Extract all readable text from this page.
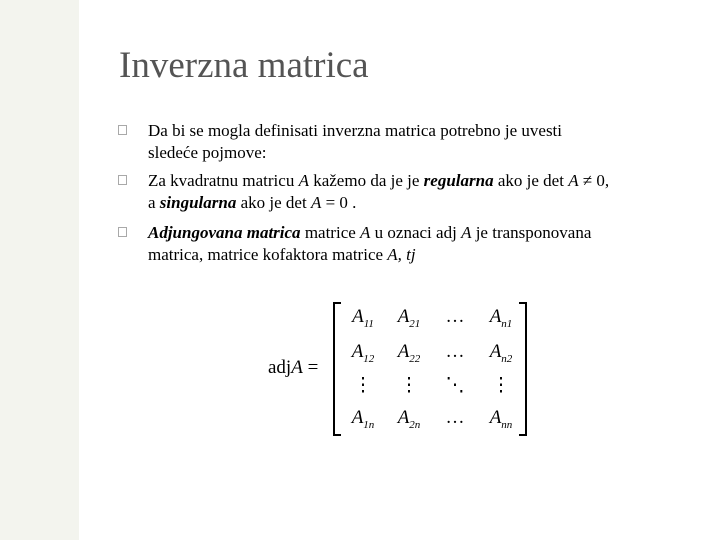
Inverzna matrica
Da bi se mogla definisati inverzna matrica potrebno je uvesti
sledeće pojmove:
Za kvadratnu matricu A kažemo da je je regularna ako je det A ≠ 0,
a singularna ako je det A = 0 .
Adjungovana matrica matrice A u oznaci adj A je transponovana
matrica, matrice kofaktora matrice A, tj
adjA =
$A_{11}$	$A_{21}$	…	$A_{n1}$
$A_{12}$	$A_{22}$	…	$A_{n2}$
⋮	⋮	⋱	⋮
$A_{1n}$	$A_{2n}$	…	$A_{nn}$
